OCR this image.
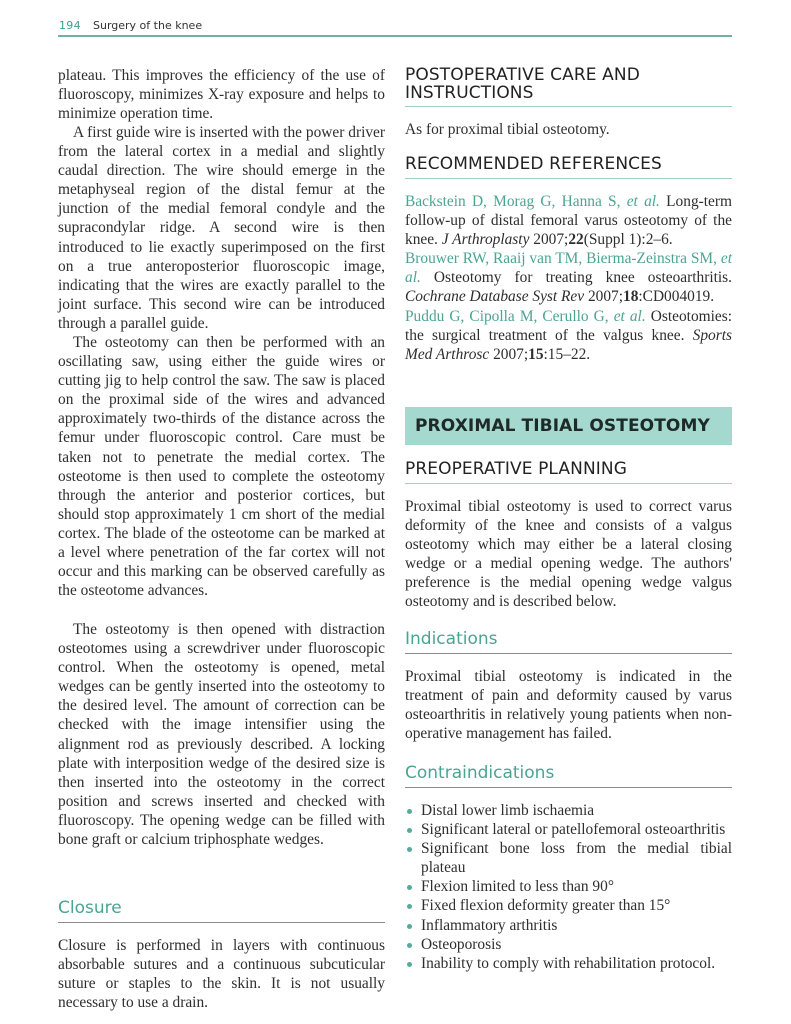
194 Surgery of the knee

plateau. This improves the efficiency of the use of fluoroscopy, minimizes X-ray exposure and helps to minimize operation time.

A first guide wire is inserted with the power driver from the lateral cortex in a medial and slightly caudal direction. The wire should emerge in the metaphyseal region of the distal femur at the junction of the medial femoral condyle and the supracondylar ridge. A second wire is then introduced to lie exactly superimposed on the first on a true anteroposterior fluoroscopic image, indicating that the wires are exactly parallel to the joint surface. This second wire can be introduced through a parallel guide.

The osteotomy can then be performed with an oscillating saw, using either the guide wires or cutting jig to help control the saw. The saw is placed on the proximal side of the wires and advanced approximately two-thirds of the distance across the femur under fluoroscopic control. Care must be taken not to penetrate the medial cortex. The osteotome is then used to complete the osteotomy through the anterior and posterior cortices, but should stop approximately 1 cm short of the medial cortex. The blade of the osteotome can be marked at a level where penetration of the far cortex will not occur and this marking can be observed carefully as the osteotome advances.

The osteotomy is then opened with distraction osteotomes using a screwdriver under fluoroscopic control. When the osteotomy is opened, metal wedges can be gently inserted into the osteotomy to the desired level. The amount of correction can be checked with the image intensifier using the alignment rod as previously described. A locking plate with interposition wedge of the desired size is then inserted into the osteotomy in the correct position and screws inserted and checked with fluoroscopy. The opening wedge can be filled with bone graft or calcium triphosphate wedges.

Closure

Closure is performed in layers with continuous absorbable sutures and a continuous subcuticular suture or staples to the skin. It is not usually necessary to use a drain.

POSTOPERATIVE CARE AND INSTRUCTIONS

As for proximal tibial osteotomy.

RECOMMENDED REFERENCES

Backstein D, Morag G, Hanna S, et al. Long-term follow-up of distal femoral varus osteotomy of the knee. J Arthroplasty 2007;22(Suppl 1):2–6.

Brouwer RW, Raaij van TM, Bierma-Zeinstra SM, et al. Osteotomy for treating knee osteoarthritis. Cochrane Database Syst Rev 2007;18:CD004019.

Puddu G, Cipolla M, Cerullo G, et al. Osteotomies: the surgical treatment of the valgus knee. Sports Med Arthrosc 2007;15:15–22.

PROXIMAL TIBIAL OSTEOTOMY
PREOPERATIVE PLANNING

Proximal tibial osteotomy is used to correct varus deformity of the knee and consists of a valgus osteotomy which may either be a lateral closing wedge or a medial opening wedge. The authors' preference is the medial opening wedge valgus osteotomy and is described below.

Indications

Proximal tibial osteotomy is indicated in the treatment of pain and deformity caused by varus osteoarthritis in relatively young patients when non-operative management has failed.

Contraindications
Distal lower limb ischaemia
Significant lateral or patellofemoral osteoarthritis
Significant bone loss from the medial tibial plateau
Flexion limited to less than 90°
Fixed flexion deformity greater than 15°
Inflammatory arthritis
Osteoporosis
Inability to comply with rehabilitation protocol.
